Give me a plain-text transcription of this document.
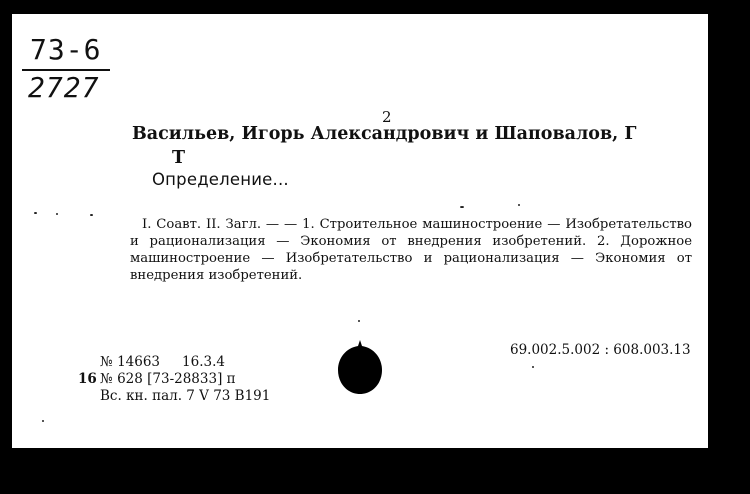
73-6
2727
2
Васильев, Игорь Александрович и Шаповалов, Г
Т
Определение...
I. Соавт. II. Загл. — — 1. Строительное машиностроение — Изобретательство и рационализация — Экономия от внедрения изобретений. 2. Дорожное машиностроение — Изобретательство и рационализация — Экономия от внедрения изобретений.
69.002.5.002 : 608.003.13
№ 14663 16.3.4
16 № 628 [73-28833] п
Вс. кн. пал. 7 V 73 В191
